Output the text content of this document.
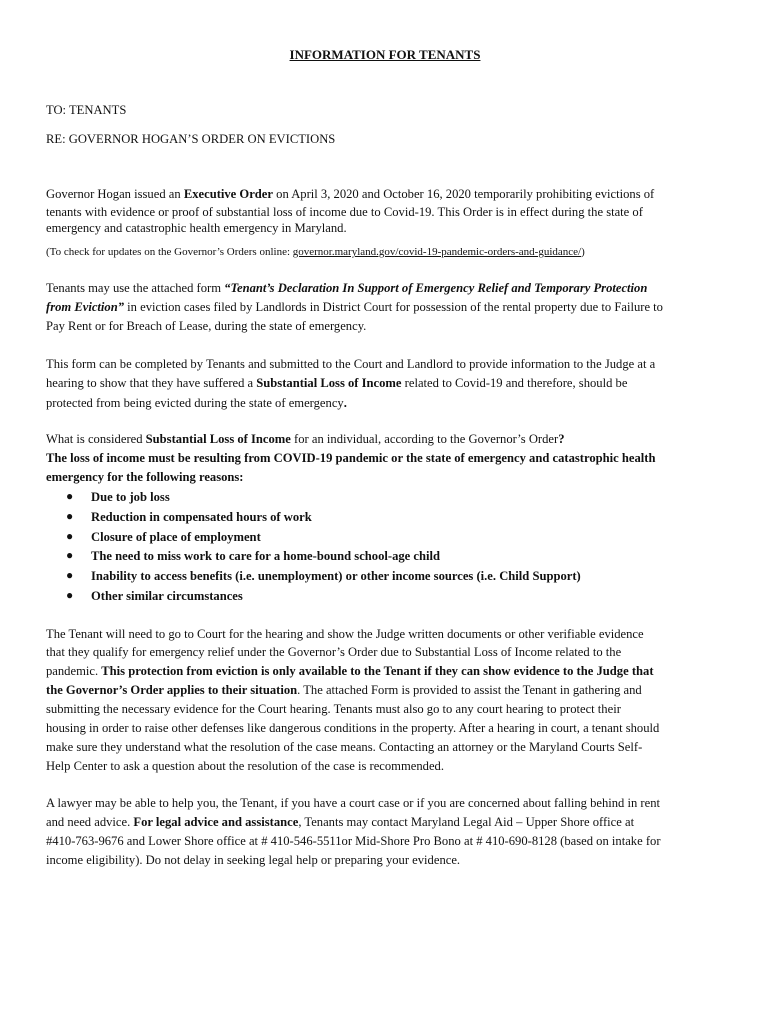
INFORMATION FOR TENANTS
TO: TENANTS
RE: GOVERNOR HOGAN’S ORDER ON EVICTIONS
Governor Hogan issued an Executive Order on April 3, 2020 and October 16, 2020 temporarily prohibiting evictions of
tenants with evidence or proof of substantial loss of income due to Covid-19. This Order is in effect during the state of
emergency and catastrophic health emergency in Maryland.
(To check for updates on the Governor’s Orders online: governor.maryland.gov/covid-19-pandemic-orders-and-guidance/)
Tenants may use the attached form “Tenant’s Declaration In Support of Emergency Relief and Temporary Protection
from Eviction” in eviction cases filed by Landlords in District Court for possession of the rental property due to Failure to
Pay Rent or for Breach of Lease, during the state of emergency.
This form can be completed by Tenants and submitted to the Court and Landlord to provide information to the Judge at a
hearing to show that they have suffered a Substantial Loss of Income related to Covid-19 and therefore, should be
protected from being evicted during the state of emergency.
What is considered Substantial Loss of Income for an individual, according to the Governor’s Order?
The loss of income must be resulting from COVID-19 pandemic or the state of emergency and catastrophic health
emergency for the following reasons:
● Due to job loss
● Reduction in compensated hours of work
● Closure of place of employment
● The need to miss work to care for a home-bound school-age child
● Inability to access benefits (i.e. unemployment) or other income sources (i.e. Child Support)
● Other similar circumstances
The Tenant will need to go to Court for the hearing and show the Judge written documents or other verifiable evidence
that they qualify for emergency relief under the Governor’s Order due to Substantial Loss of Income related to the
pandemic. This protection from eviction is only available to the Tenant if they can show evidence to the Judge that
the Governor’s Order applies to their situation. The attached Form is provided to assist the Tenant in gathering and
submitting the necessary evidence for the Court hearing. Tenants must also go to any court hearing to protect their
housing in order to raise other defenses like dangerous conditions in the property. After a hearing in court, a tenant should
make sure they understand what the resolution of the case means. Contacting an attorney or the Maryland Courts Self-
Help Center to ask a question about the resolution of the case is recommended.
A lawyer may be able to help you, the Tenant, if you have a court case or if you are concerned about falling behind in rent
and need advice. For legal advice and assistance, Tenants may contact Maryland Legal Aid – Upper Shore office at
#410-763-9676 and Lower Shore office at # 410-546-5511or Mid-Shore Pro Bono at # 410-690-8128 (based on intake for
income eligibility). Do not delay in seeking legal help or preparing your evidence.
